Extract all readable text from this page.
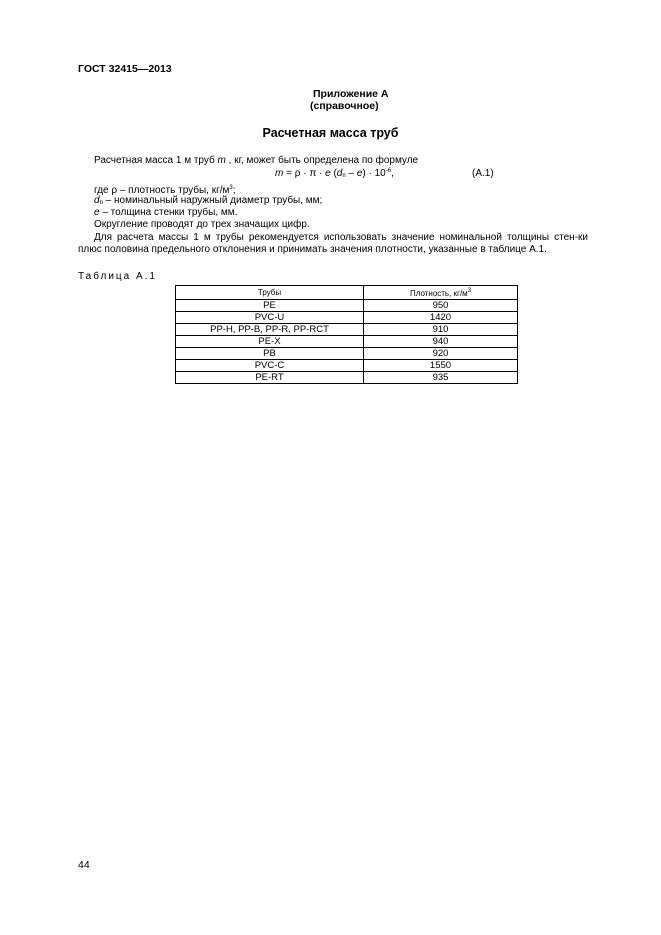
ГОСТ 32415—2013
Приложение А
(справочное)
Расчетная масса труб
Расчетная масса 1 м труб m , кг, может быть определена по формуле
m = ρ · π · e $(d_n - e) \cdot 10^{-6}$,	(A.1)
где ρ – плотность трубы, $кг/м^3$;
$d_n$ – номинальный наружный диаметр трубы, мм;
e – толщина стенки трубы, мм.
Округление проводят до трех значащих цифр.
Для расчета массы 1 м трубы рекомендуется использовать значение номинальной толщины стен-ки плюс половина предельного отклонения и принимать значения плотности, указанные в таблице А.1.
Таблица А.1
Трубы	Плотность, $кг/м^3$
PE	950
PVC-U	1420
PP-H, PP-B, PP-R, PP-RCT	910
PE-X	940
PB	920
PVC-C	1550
PE-RT	935
44
